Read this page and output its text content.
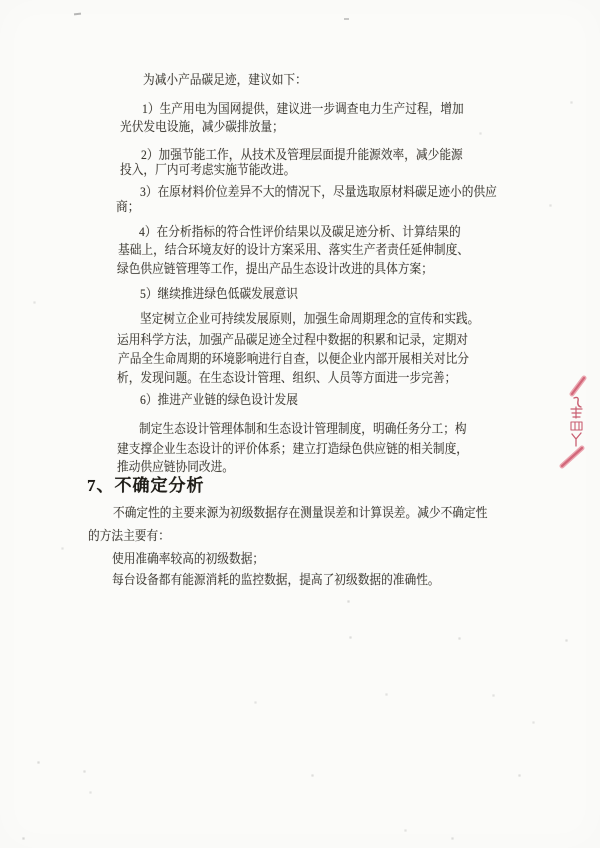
为减小产品碳足迹，建议如下：
1）生产用电为国网提供，建议进一步调查电力生产过程，增加
光伏发电设施，减少碳排放量；
2）加强节能工作，从技术及管理层面提升能源效率，减少能源
投入，厂内可考虑实施节能改进。
3）在原材料价位差异不大的情况下，尽量选取原材料碳足迹小的供应
商；
4）在分析指标的符合性评价结果以及碳足迹分析、计算结果的
基础上，结合环境友好的设计方案采用、落实生产者责任延伸制度、
绿色供应链管理等工作，提出产品生态设计改进的具体方案；
5）继续推进绿色低碳发展意识
坚定树立企业可持续发展原则，加强生命周期理念的宣传和实践。
运用科学方法，加强产品碳足迹全过程中数据的积累和记录，定期对
产品全生命周期的环境影响进行自查，以便企业内部开展相关对比分
析，发现问题。在生态设计管理、组织、人员等方面进一步完善；
6）推进产业链的绿色设计发展
制定生态设计管理体制和生态设计管理制度，明确任务分工；构
建支撑企业生态设计的评价体系；建立打造绿色供应链的相关制度，
推动供应链协同改进。
7、不确定分析
不确定性的主要来源为初级数据存在测量误差和计算误差。减少不确定性
的方法主要有：
使用准确率较高的初级数据；
每台设备都有能源消耗的监控数据，提高了初级数据的准确性。
